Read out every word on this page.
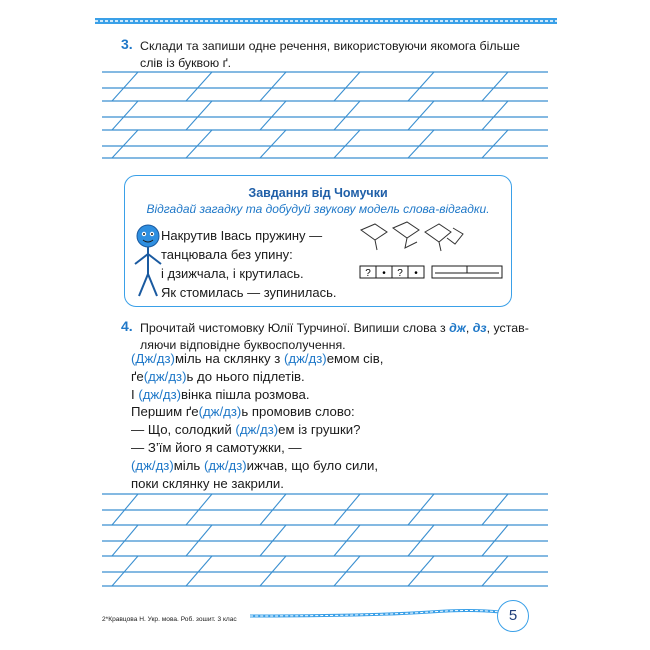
3. Склади та запиши одне речення, використовуючи якомога більше
слів із буквою ґ.
Завдання від Чомучки
Відгадай загадку та добудуй звукову модель слова-відгадки.
Накрутив Івась пружину —
танцювала без упину:
і дзижчала, і крутилась.
Як стомилась — зупинилась.
? • ? •
4. Прочитай чистомовку Юлії Турчиної. Випиши слова з дж, дз, устав-
ляючи відповідне буквосполучення.
(Дж/дз)міль на склянку з (дж/дз)емом сів,
ґе(дж/дз)ь до нього підлетів.
І (дж/дз)вінка пішла розмова.
Першим ґе(дж/дз)ь промовив слово:
— Що, солодкий (дж/дз)ем із грушки?
— З’їм його я самотужки, —
(дж/дз)міль (дж/дз)ижчав, що було сили,
поки склянку не закрили.
2*Кравцова Н. Укр. мова. Роб. зошит. 3 клас	5
